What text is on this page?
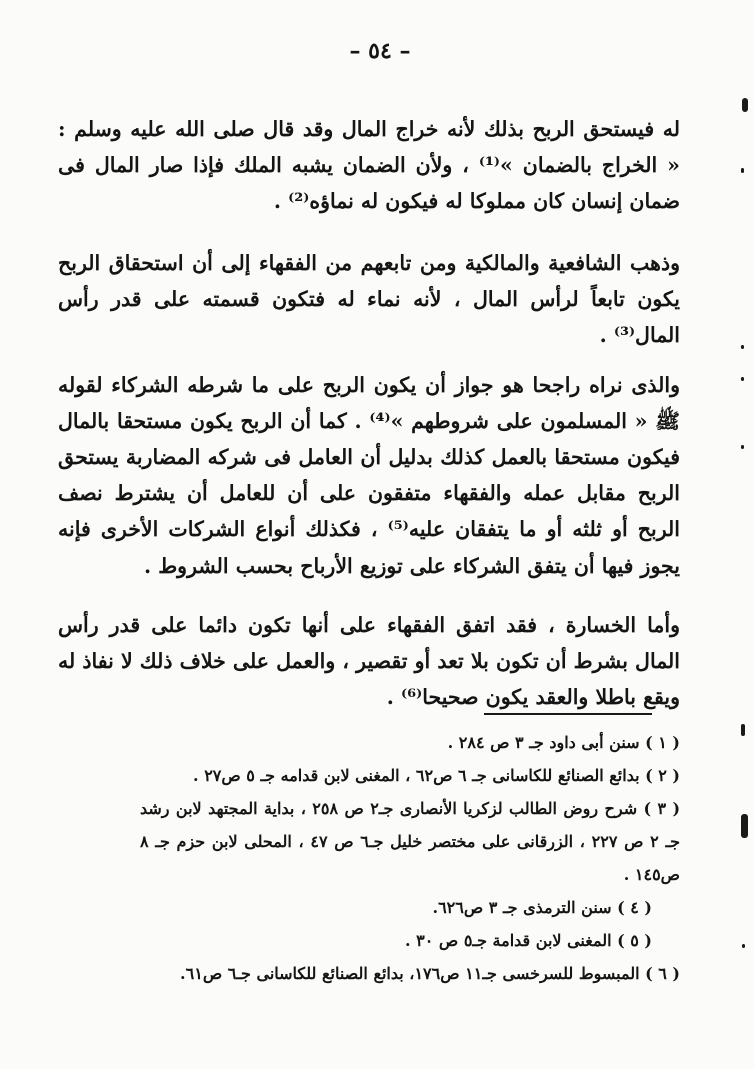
– ٥٤ –

له فيستحق الربح بذلك لأنه خراج المال وقد قال صلى الله عليه وسلم : « الخراج بالضمان »⁽¹⁾ ، ولأن الضمان يشبه الملك فإذا صار المال فى ضمان إنسان كان مملوكا له فيكون له نماؤه⁽²⁾ .

وذهب الشافعية والمالكية ومن تابعهم من الفقهاء إلى أن استحقاق الربح يكون تابعاً لرأس المال ، لأنه نماء له فتكون قسمته على قدر رأس المال⁽³⁾ .

والذى نراه راجحا هو جواز أن يكون الربح على ما شرطه الشركاء لقوله ﷺ « المسلمون على شروطهم »⁽⁴⁾ . كما أن الربح يكون مستحقا بالمال فيكون مستحقا بالعمل كذلك بدليل أن العامل فى شركه المضاربة يستحق الربح مقابل عمله والفقهاء متفقون على أن للعامل أن يشترط نصف الربح أو ثلثه أو ما يتفقان عليه⁽⁵⁾ ، فكذلك أنواع الشركات الأخرى فإنه يجوز فيها أن يتفق الشركاء على توزيع الأرباح بحسب الشروط .

وأما الخسارة ، فقد اتفق الفقهاء على أنها تكون دائما على قدر رأس المال بشرط أن تكون بلا تعد أو تقصير ، والعمل على خلاف ذلك لا نفاذ له ويقع باطلا والعقد يكون صحيحا⁽⁶⁾ .

( ١ ) سنن أبى داود جـ ٣ ص ٢٨٤ .
( ٢ ) بدائع الصنائع للكاسانى جـ ٦ ص٦٢ ، المغنى لابن قدامه جـ ٥ ص٢٧ .
( ٣ ) شرح روض الطالب لزكريا الأنصارى جـ٢ ص ٢٥٨ ، بداية المجتهد لابن رشد جـ ٢ ص ٢٢٧ ، الزرقانى على مختصر خليل جـ٦ ص ٤٧ ، المحلى لابن حزم جـ ٨ ص١٤٥ .
( ٤ ) سنن الترمذى جـ ٣ ص٦٢٦.
( ٥ ) المغنى لابن قدامة جـ٥ ص ٣٠ .
( ٦ ) المبسوط للسرخسى جـ١١ ص١٧٦، بدائع الصنائع للكاسانى جـ٦ ص٦١.
